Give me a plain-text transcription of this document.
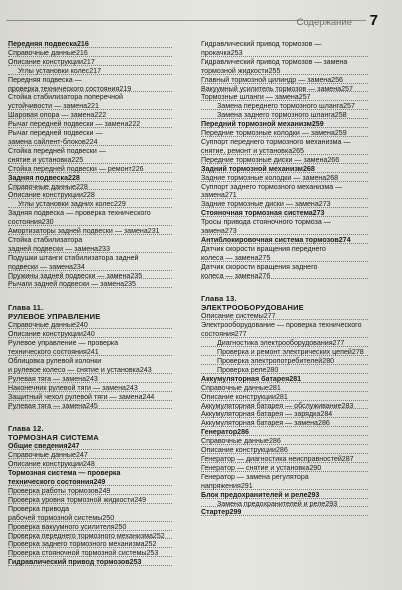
Содержание 7
Передняя подвеска216
Справочные данные216
Описание конструкции217
Углы установки колес217
Передняя подвеска —
проверка технического состояния219
Стойка стабилизатора поперечной
устойчивости — замена221
Шаровая опора — замена222
Рычаг передней подвески — замена222
Рычаг передней подвески —
замена сайлент-блоков224
Стойка передней подвески —
снятие и установка225
Стойка передней подвески — ремонт226
Задняя подвеска228
Справочные данные228
Описание конструкции228
Углы установки задних колес229
Задняя подвеска — проверка технического
состояния230
Амортизаторы задней подвески — замена231
Стойка стабилизатора
задней подвески — замена233
Подушки штанги стабилизатора задней
подвески — замена234
Пружины задней подвески — замена235
Рычаги задней подвески — замена235
Глава 11.
РУЛЕВОЕ УПРАВЛЕНИЕ
Справочные данные240
Описание конструкции240
Рулевое управление — проверка
технического состояния241
Облицовка рулевой колонки
и рулевое колесо — снятие и установка243
Рулевая тяга — замена243
Наконечник рулевой тяги — замена243
Защитный чехол рулевой тяги — замена244
Рулевая тяга — замена245
Глава 12.
ТОРМОЗНАЯ СИСТЕМА
Общие сведения247
Справочные данные247
Описание конструкции248
Тормозная система — проверка
технического состояния249
Проверка работы тормозов249
Проверка уровня тормозной жидкости249
Проверка привода
рабочей тормозной системы250
Проверка вакуумного усилителя250
Проверка переднего тормозного механизма252
Проверка заднего тормозного механизма252
Проверка стояночной тормозной системы253
Гидравлический привод тормозов253
Гидравлический привод тормозов —
прокачка253
Гидравлический привод тормозов — замена
тормозной жидкости255
Главный тормозной цилиндр — замена256
Вакуумный усилитель тормозов — замена257
Тормозные шланги — замена257
Замена переднего тормозного шланга257
Замена заднего тормозного шланга258
Передний тормозной механизм259
Передние тормозные колодки — замена259
Суппорт переднего тормозного механизма —
снятие, ремонт и установка265
Передние тормозные диски — замена266
Задний тормозной механизм268
Задние тормозные колодки — замена268
Суппорт заднего тормозного механизма —
замена271
Задние тормозные диски — замена273
Стояночная тормозная система273
Тросы привода стояночного тормоза —
замена273
Антиблокировочная система тормозов274
Датчик скорости вращения переднего
колеса — замена275
Датчик скорости вращения заднего
колеса — замена276
Глава 13.
ЭЛЕКТРООБОРУДОВАНИЕ
Описание системы277
Электрооборудование — проверка технического
состояния277
Диагностика электрооборудования277
Проверка и ремонт электрических цепей278
Проверка электропотребителей280
Проверка реле280
Аккумуляторная батарея281
Справочные данные281
Описание конструкции281
Аккумуляторная батарея — обслуживание283
Аккумуляторная батарея — зарядка284
Аккумуляторная батарея — замена286
Генератор286
Справочные данные286
Описание конструкции286
Генератор — диагностика неисправностей287
Генератор — снятие и установка290
Генератор — замена регулятора
напряжения291
Блок предохранителей и реле293
Замена предохранителей и реле293
Стартер299
